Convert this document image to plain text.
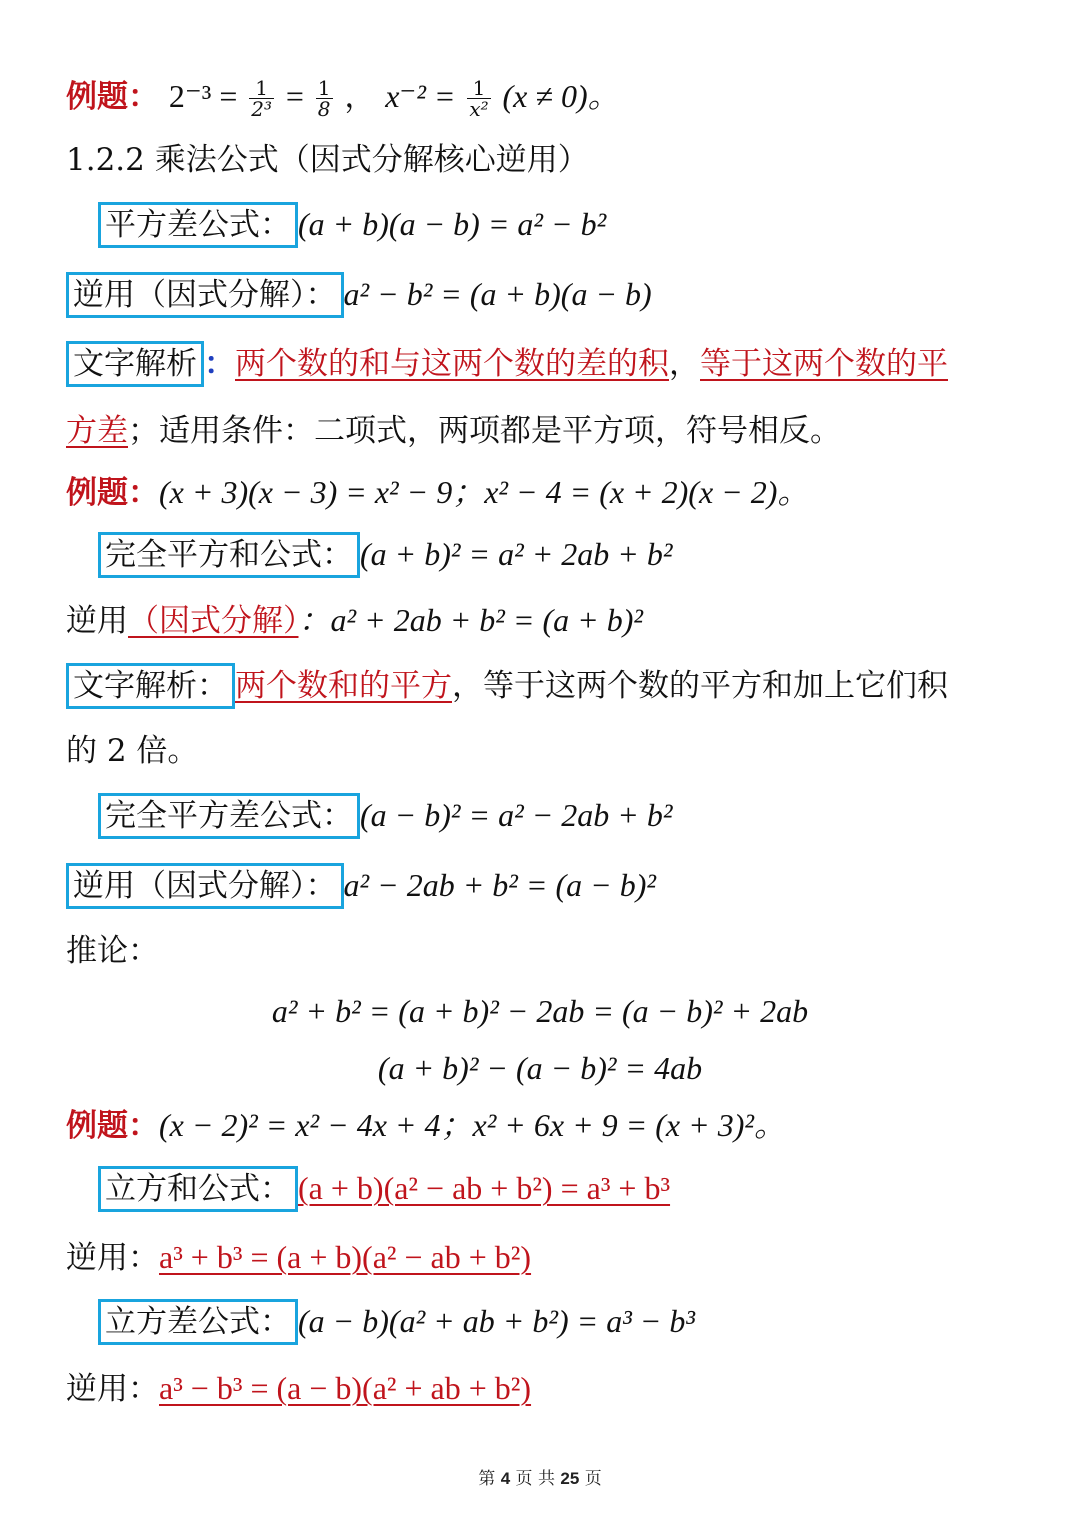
例题： $2^{-3} = \frac{1}{\text{2³}} = \frac{1}{8}$ ， $x^{-2} = \frac{1}{\text{x²}} (x \ne 0)$。
1.2.2 乘法公式（因式分解核心逆用）
平方差公式： (a + b)(a − b) = a² − b²
逆用（因式分解）： a² − b² = (a + b)(a − b)
文字解析 ：两个数的和与这两个数的差的积，等于这两个数的平
方差；适用条件：二项式，两项都是平方项，符号相反。
例题：(x + 3)(x − 3) = x² − 9；x² − 4 = (x + 2)(x − 2)。
完全平方和公式： (a + b)² = a² + 2ab + b²
逆用（因式分解）：a² + 2ab + b² = (a + b)²
文字解析： 两个数和的平方，等于这两个数的平方和加上它们积
的 2 倍。
完全平方差公式： (a − b)² = a² − 2ab + b²
逆用（因式分解）： a² − 2ab + b² = (a − b)²
推论：
a² + b² = (a + b)² − 2ab = (a − b)² + 2ab
(a + b)² − (a − b)² = 4ab
例题：(x − 2)² = x² − 4x + 4；x² + 6x + 9 = (x + 3)²。
立方和公式： (a + b)(a² − ab + b²) = a³ + b³
逆用：a³ + b³ = (a + b)(a² − ab + b²)
立方差公式： (a − b)(a² + ab + b²) = a³ − b³
逆用：a³ − b³ = (a − b)(a² + ab + b²)
第 4 页 共 25 页
